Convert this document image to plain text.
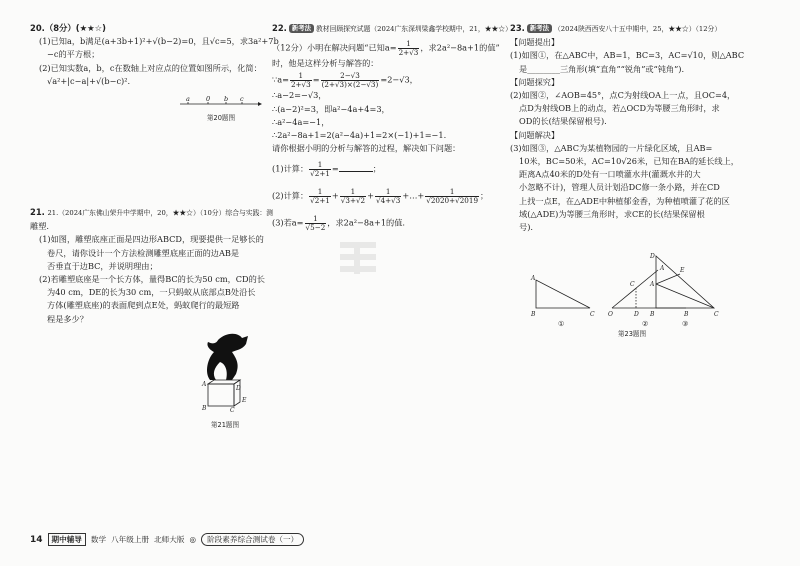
20.（8分）(★★☆)
(1)已知a，b满足(a+3b+1)²+√(b−2)=0，且√c=5，求3a²+7b
−c的平方根；
(2)已知实数a，b，c在数轴上对应点的位置如图所示，化简：
√a²+|c−a|+√(b−c)².
a 0 b c
第20题图
21. 21.（2024广东佛山荣升中学期中，20，★★☆）（10分）综合与实践：测
雕塑.
(1)如图，雕塑底座正面是四边形ABCD，现要提供一足够长的
卷尺，请你设计一个方法检测雕塑底座正面的边AB是
否垂直于边BC，并说明理由；
(2)若雕塑底座是一个长方体，量得BC的长为50 cm，CD的长
为40 cm，DE的长为30 cm，一只蚂蚁从底部点B处沿长
方体(雕塑底座)的表面爬到点E处，蚂蚁爬行的最短路
程是多少？
A
D
B	C
E
第21题图
22. 新考法 教材回顾探究试题（2024广东深圳梁鑫学校期中，21，★★☆）
（12分）小明在解决问题“已知$a= \frac{1}{2+√3}$ ，求2a²−8a+1的值”
时，他是这样分析与解答的：
∵a= $\frac{1}{2+√3} = \frac{2-√3}{(2+√3)\times(2-√3)} =2-√3$，
∴a−2=−√3，
∴(a−2)²=3，即a²−4a+4=3，
∴a²−4a=−1，
∴2a²−8a+1=2(a²−4a)+1=2×(−1)+1=−1.
请你根据小明的分析与解答的过程，解决如下问题：
(1)计算： $\frac{1}{√2+1}$ =	；
(2)计算： $\frac{1}{√2+1} + \frac{1}{√3+√2} + \frac{1}{√4+√3}$ +…+ $\frac{1}{√2020+√2019}$ ；
(3)若$a= \frac{1}{√5-2}$ ，求2a²−8a+1的值.
23. 新考法 （2024陕西西安八十五中期中，25，★★☆）（12分）
【问题提出】
(1)如图①，在△ABC中，AB=1，BC=3，AC=√10，则△ABC
是________三角形(填“直角”“锐角”或“钝角”).
【问题探究】
(2)如图②，∠AOB=45°，点C为射线OA上一点，且OC=4，
点D为射线OB上的动点，若△OCD为等腰三角形时，求
OD的长(结果保留根号).
【问题解决】
(3)如图③，△ABC为某植物园的一片绿化区域，且AB=
10米，BC=50米，AC=10√26米，已知在BA的延长线上，
距离A点40米的D处有一口喷灌水井(灌溉水井的大
小忽略不计)，管理人员计划沿DC修一条小路，并在CD
上找一点E，在△ADE中种植郁金香，为种植喷灌了花的区
域(△ADE)为等腰三角形时，求CE的长(结果保留根
号).
A
B	C
A
O
C
D	B
D
A
E
B	C
①	②	③
第23题图
14	期中辅导	数学 八年级上册 北师大版 ◎	阶段素养综合测试卷（一）
